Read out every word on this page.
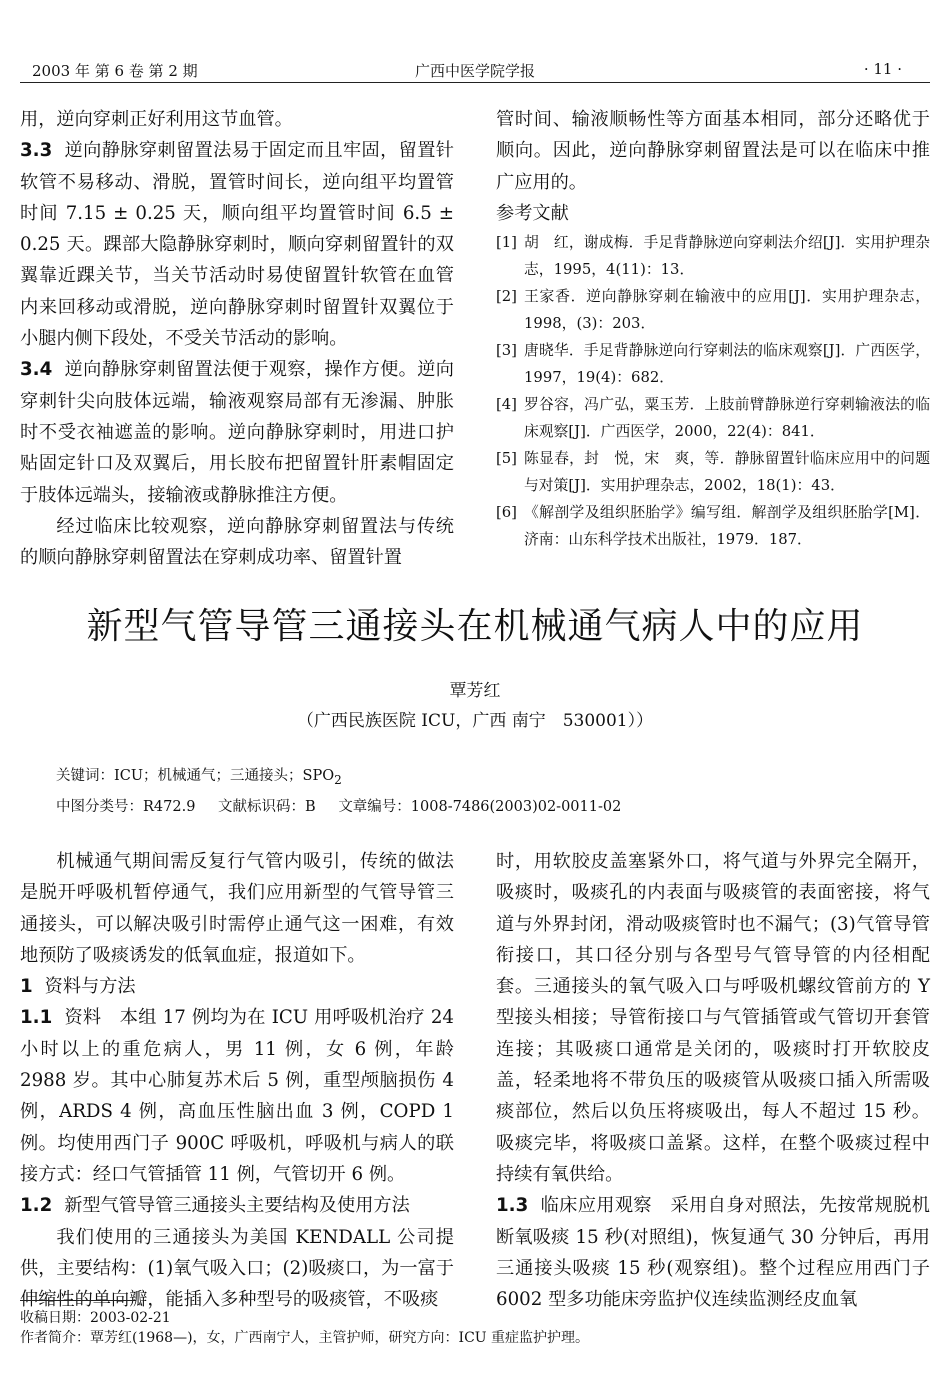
2003 年 第 6 卷 第 2 期	广西中医学院学报	· 11 ·

用，逆向穿刺正好利用这节血管。

3.3 逆向静脉穿刺留置法易于固定而且牢固，留置针软管不易移动、滑脱，置管时间长，逆向组平均置管时间 7.15 ± 0.25 天，顺向组平均置管时间 6.5 ± 0.25 天。踝部大隐静脉穿刺时，顺向穿刺留置针的双翼靠近踝关节，当关节活动时易使留置针软管在血管内来回移动或滑脱，逆向静脉穿刺时留置针双翼位于小腿内侧下段处，不受关节活动的影响。

3.4 逆向静脉穿刺留置法便于观察，操作方便。逆向穿刺针尖向肢体远端，输液观察局部有无渗漏、肿胀时不受衣袖遮盖的影响。逆向静脉穿刺时，用进口护贴固定针口及双翼后，用长胶布把留置针肝素帽固定于肢体远端头，接输液或静脉推注方便。

经过临床比较观察，逆向静脉穿刺留置法与传统的顺向静脉穿刺留置法在穿刺成功率、留置针置

管时间、输液顺畅性等方面基本相同，部分还略优于顺向。因此，逆向静脉穿刺留置法是可以在临床中推广应用的。

参考文献

[1] 胡　红，谢成梅．手足背静脉逆向穿刺法介绍[J]．实用护理杂志，1995，4(11)：13．
[2] 王家香．逆向静脉穿刺在输液中的应用[J]．实用护理杂志，1998，(3)：203．
[3] 唐晓华．手足背静脉逆向行穿刺法的临床观察[J]．广西医学，1997，19(4)：682．
[4] 罗谷容，冯广弘，粟玉芳．上肢前臂静脉逆行穿刺输液法的临床观察[J]．广西医学，2000，22(4)：841．
[5] 陈显春，封　悦，宋　爽，等．静脉留置针临床应用中的问题与对策[J]．实用护理杂志，2002，18(1)：43．
[6] 《解剖学及组织胚胎学》编写组．解剖学及组织胚胎学[M]．济南：山东科学技术出版社，1979．187．
新型气管导管三通接头在机械通气病人中的应用
覃芳红
（广西民族医院 ICU，广西 南宁　530001））
关键词：ICU；机械通气；三通接头；$SPO_2$
中图分类号：R472.9 文献标识码：B 文章编号：1008-7486(2003)02-0011-02

机械通气期间需反复行气管内吸引，传统的做法是脱开呼吸机暂停通气，我们应用新型的气管导管三通接头，可以解决吸引时需停止通气这一困难，有效地预防了吸痰诱发的低氧血症，报道如下。

1 资料与方法

1.1 资料　本组 17 例均为在 ICU 用呼吸机治疗 24 小时以上的重危病人，男 11 例，女 6 例，年龄 2988 岁。其中心肺复苏术后 5 例，重型颅脑损伤 4 例，ARDS 4 例，高血压性脑出血 3 例，COPD 1 例。均使用西门子 900C 呼吸机，呼吸机与病人的联接方式：经口气管插管 11 例，气管切开 6 例。

1.2 新型气管导管三通接头主要结构及使用方法

我们使用的三通接头为美国 KENDALL 公司提供，主要结构：(1)氧气吸入口；(2)吸痰口，为一富于伸缩性的单向瓣，能插入多种型号的吸痰管，不吸痰

时，用软胶皮盖塞紧外口，将气道与外界完全隔开，吸痰时，吸痰孔的内表面与吸痰管的表面密接，将气道与外界封闭，滑动吸痰管时也不漏气；(3)气管导管衔接口，其口径分别与各型号气管导管的内径相配套。三通接头的氧气吸入口与呼吸机螺纹管前方的 Y 型接头相接；导管衔接口与气管插管或气管切开套管连接；其吸痰口通常是关闭的，吸痰时打开软胶皮盖，轻柔地将不带负压的吸痰管从吸痰口插入所需吸痰部位，然后以负压将痰吸出，每人不超过 15 秒。吸痰完毕，将吸痰口盖紧。这样，在整个吸痰过程中持续有氧供给。

1.3 临床应用观察　采用自身对照法，先按常规脱机断氧吸痰 15 秒(对照组)，恢复通气 30 分钟后，再用三通接头吸痰 15 秒(观察组)。整个过程应用西门子 6002 型多功能床旁监护仪连续监测经皮血氧

收稿日期：2003-02-21
作者简介：覃芳红(1968—)，女，广西南宁人，主管护师，研究方向：ICU 重症监护护理。
